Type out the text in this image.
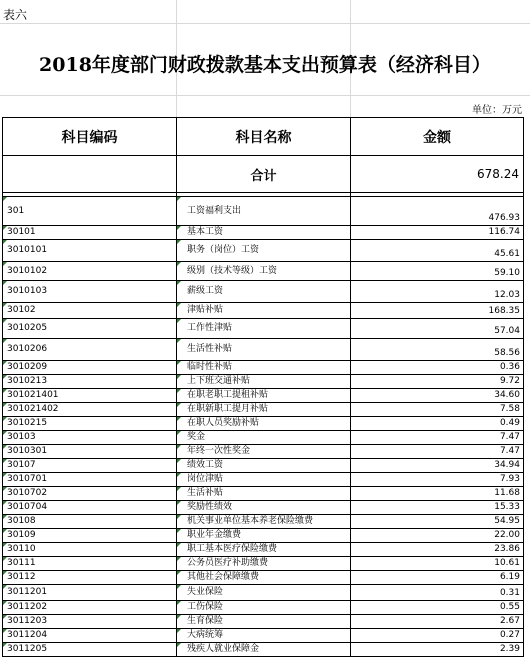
表六
2018年度部门财政拨款基本支出预算表（经济科目）
单位：万元
科目编码	科目名称	金额
	合计	678.24

301	工资福利支出	476.93
30101	基本工资	116.74
3010101	职务（岗位）工资	45.61
3010102	级别（技术等级）工资	59.10
3010103	薪级工资	12.03
30102	津贴补贴	168.35
3010205	工作性津贴	57.04
3010206	生活性补贴	58.56
3010209	临时性补贴	0.36
3010213	上下班交通补贴	9.72
301021401	在职老职工提租补贴	34.60
301021402	在职新职工提月补贴	7.58
3010215	在职人员奖励补贴	0.49
30103	奖金	7.47
3010301	年终一次性奖金	7.47
30107	绩效工资	34.94
3010701	岗位津贴	7.93
3010702	生活补贴	11.68
3010704	奖励性绩效	15.33
30108	机关事业单位基本养老保险缴费	54.95
30109	职业年金缴费	22.00
30110	职工基本医疗保险缴费	23.86
30111	公务员医疗补助缴费	10.61
30112	其他社会保障缴费	6.19
3011201	失业保险	0.31
3011202	工伤保险	0.55
3011203	生育保险	2.67
3011204	大病统筹	0.27
3011205	残疾人就业保障金	2.39
